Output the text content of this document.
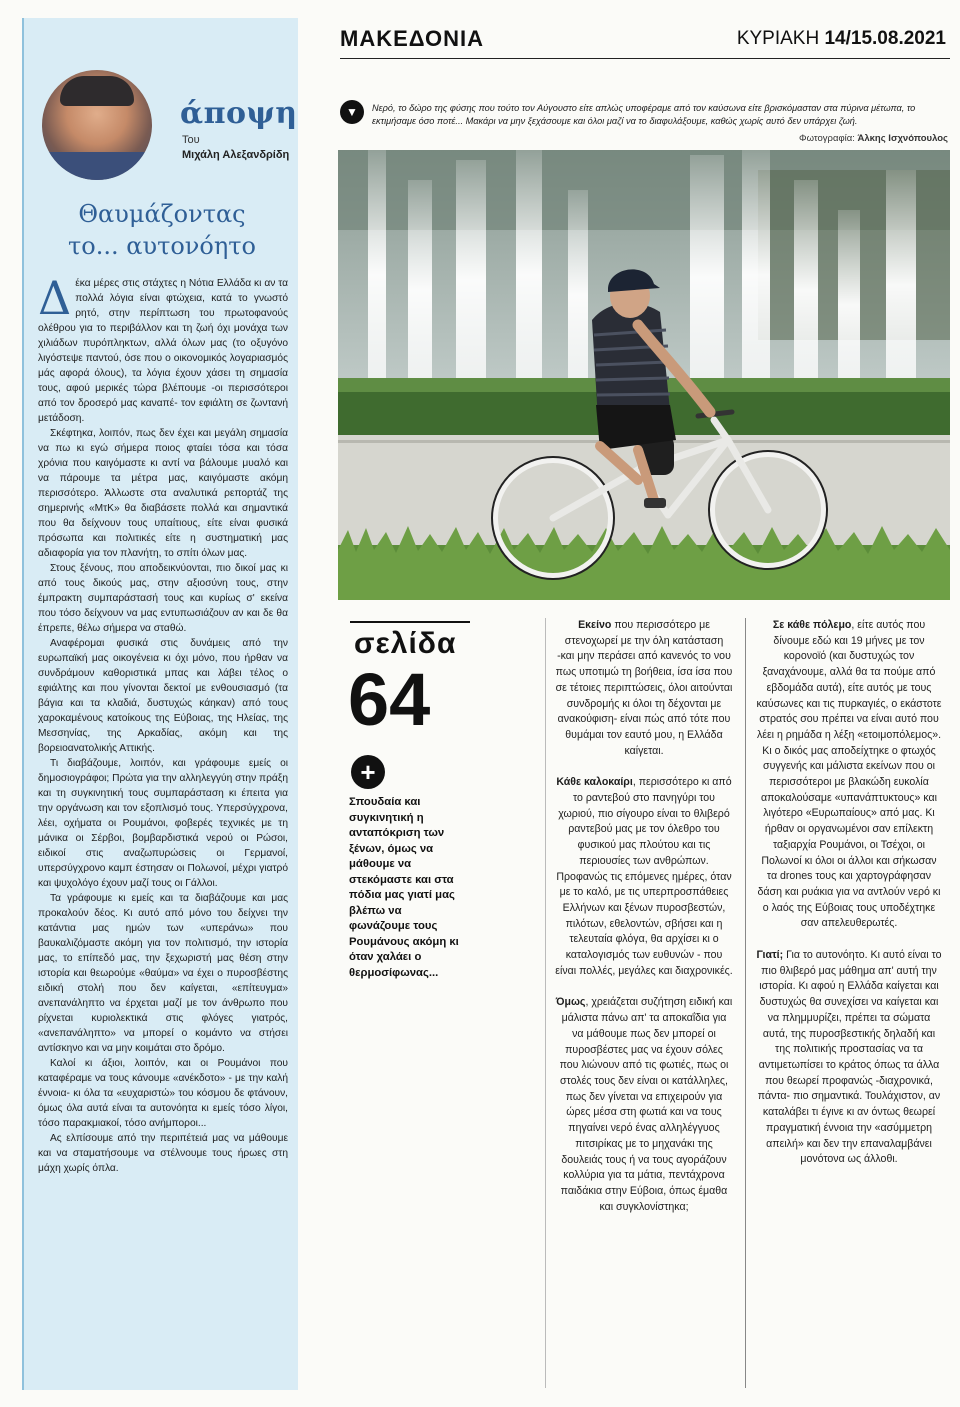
άποψη
Του
Μιχάλη Αλεξανδρίδη
Θαυμάζοντας
το... αυτονόητο

Δέκα μέρες στις στάχτες η Νότια Ελλάδα κι αν τα πολλά λόγια είναι φτώχεια, κατά το γνωστό ρητό, στην περίπτωση του πρωτοφανούς ολέθρου για το περιβάλλον και τη ζωή όχι μονάχα των χιλιάδων πυρόπληκτων, αλλά όλων μας (το οξυγόνο λιγόστεψε παντού, όσε που ο οικονομικός λογαριασμός μάς αφορά όλους), τα λόγια έχουν χάσει τη σημασία τους, αφού μερικές τώρα βλέπουμε -οι περισσότεροι από τον δροσερό μας καναπέ- τον εφιάλτη σε ζωντανή μετάδοση.

Σκέφτηκα, λοιπόν, πως δεν έχει και μεγάλη σημασία να πω κι εγώ σήμερα ποιος φταίει τόσα και τόσα χρόνια που καιγόμαστε κι αντί να βάλουμε μυαλό και να πάρουμε τα μέτρα μας, καιγόμαστε ακόμη περισσότερο. Άλλωστε στα αναλυτικά ρεπορτάζ της σημερινής «ΜτΚ» θα διαβάσετε πολλά και σημαντικά που θα δείχνουν τους υπαίτιους, είτε είναι φυσικά πρόσωπα και πολιτικές είτε η συστηματική μας αδιαφορία για τον πλανήτη, το σπίτι όλων μας.

Στους ξένους, που αποδεικνύονται, πιο δικοί μας κι από τους δικούς μας, στην αξιοσύνη τους, στην έμπρακτη συμπαράστασή τους και κυρίως σ' εκείνα που τόσο δείχνουν να μας εντυπωσιάζουν αν και δε θα έπρεπε, θέλω σήμερα να σταθώ.

Αναφέρομαι φυσικά στις δυνάμεις από την ευρωπαϊκή μας οικογένεια κι όχι μόνο, που ήρθαν να συνδράμουν καθοριστικά μπας και λάβει τέλος ο εφιάλτης και που γίνονται δεκτοί με ενθουσιασμό (τα βάγια και τα κλαδιά, δυστυχώς κάηκαν) από τους χαροκαμένους κατοίκους της Εύβοιας, της Ηλείας, της Μεσσηνίας, της Αρκαδίας, ακόμη και της βορειοανατολικής Αττικής.

Τι διαβάζουμε, λοιπόν, και γράφουμε εμείς οι δημοσιογράφοι; Πρώτα για την αλληλεγγύη στην πράξη και τη συγκινητική τους συμπαράσταση κι έπειτα για την οργάνωση και τον εξοπλισμό τους. Υπερσύγχρονα, λέει, οχήματα οι Ρουμάνοι, φοβερές τεχνικές με τη μάνικα οι Σέρβοι, βομβαρδιστικά νερού οι Ρώσοι, ειδικοί στις αναζωπυρώσεις οι Γερμανοί, υπερσύγχρονο καμπ έστησαν οι Πολωνοί, μέχρι γιατρό και ψυχολόγο έχουν μαζί τους οι Γάλλοι.

Τα γράφουμε κι εμείς και τα διαβάζουμε και μας προκαλούν δέος. Κι αυτό από μόνο του δείχνει την κατάντια μας ημών των «υπεράνω» που βαυκαλιζόμαστε ακόμη για τον πολιτισμό, την ιστορία μας, το επίπεδό μας, την ξεχωριστή μας θέση στην ιστορία και θεωρούμε «θαύμα» να έχει ο πυροσβέστης ειδική στολή που δεν καίγεται, «επίτευγμα» ανεπανάληπτο να έρχεται μαζί με τον άνθρωπο που ρίχνεται κυριολεκτικά στις φλόγες γιατρός, «ανεπανάληπτο» να μπορεί ο κομάντο να στήσει αντίσκηνο και να μην κοιμάται στο δρόμο.

Καλοί κι άξιοι, λοιπόν, και οι Ρουμάνοι που καταφέραμε να τους κάνουμε «ανέκδοτο» - με την καλή έννοια- κι όλα τα «ευχαριστώ» του κόσμου δε φτάνουν, όμως όλα αυτά είναι τα αυτονόητα κι εμείς τόσο λίγοι, τόσο παρακμιακοί, τόσο ανήμποροι...

Ας ελπίσουμε από την περιπέτειά μας να μάθουμε και να σταματήσουμε να στέλνουμε τους ήρωες στη μάχη χωρίς όπλα.

ΜΑΚΕΔΟΝΙΑ	ΚΥΡΙΑΚΗ 14/15.08.2021
▼	Νερό, το δώρο της φύσης που τούτο τον Αύγουστο είτε απλώς υποφέραμε από τον καύσωνα είτε βρισκόμασταν στα πύρινα μέτωπα, το εκτιμήσαμε όσο ποτέ... Μακάρι να μην ξεχάσουμε και όλοι μαζί να το διαφυλάξουμε, καθώς χωρίς αυτό δεν υπάρχει ζωή.
Φωτογραφία: Άλκης Ισχνόπουλος
σελίδα
64
+
Σπουδαία και συγκινητική η ανταπόκριση των ξένων, όμως να μάθουμε να στεκόμαστε και στα πόδια μας γιατί μας βλέπω να φωνάζουμε τους Ρουμάνους ακόμη κι όταν χαλάει ο θερμοσίφωνας...

Εκείνο που περισσότερο με στενοχωρεί με την όλη κατάσταση -και μην περάσει από κανενός το νου πως υποτιμώ τη βοήθεια, ίσα ίσα που σε τέτοιες περιπτώσεις, όλοι αιτούνται συνδρομής κι όλοι τη δέχονται με ανακούφιση- είναι πώς από τότε που θυμάμαι τον εαυτό μου, η Ελλάδα καίγεται.

Κάθε καλοκαίρι, περισσότερο κι από το ραντεβού στο πανηγύρι του χωριού, πιο σίγουρο είναι το θλιβερό ραντεβού μας με τον όλεθρο του φυσικού μας πλούτου και τις περιουσίες των ανθρώπων. Προφανώς τις επόμενες ημέρες, όταν με το καλό, με τις υπερπροσπάθειες Ελλήνων και ξένων πυροσβεστών, πιλότων, εθελοντών, σβήσει και η τελευταία φλόγα, θα αρχίσει κι ο καταλογισμός των ευθυνών - που είναι πολλές, μεγάλες και διαχρονικές.

Όμως, χρειάζεται συζήτηση ειδική και μάλιστα πάνω απ' τα αποκαΐδια για να μάθουμε πως δεν μπορεί οι πυροσβέστες μας να έχουν σόλες που λιώνουν από τις φωτιές, πως οι στολές τους δεν είναι οι κατάλληλες, πως δεν γίνεται να επιχειρούν για ώρες μέσα στη φωτιά και να τους πηγαίνει νερό ένας αλληλέγγυος πιτσιρίκας με το μηχανάκι της δουλειάς τους ή να τους αγοράζουν κολλύρια για τα μάτια, πεντάχρονα παιδάκια στην Εύβοια, όπως έμαθα και συγκλονίστηκα;

Σε κάθε πόλεμο, είτε αυτός που δίνουμε εδώ και 19 μήνες με τον κορονοϊό (και δυστυχώς τον ξαναχάνουμε, αλλά θα τα πούμε από εβδομάδα αυτά), είτε αυτός με τους καύσωνες και τις πυρκαγιές, ο εκάστοτε στρατός σου πρέπει να είναι αυτό που λέει η ρημάδα η λέξη «ετοιμοπόλεμος». Κι ο δικός μας αποδείχτηκε ο φτωχός συγγενής και μάλιστα εκείνων που οι περισσότεροι με βλακώδη ευκολία αποκαλούσαμε «υπανάπτυκτους» και λιγότερο «Ευρωπαίους» από μας. Κι ήρθαν οι οργανωμένοι σαν επίλεκτη ταξιαρχία Ρουμάνοι, οι Τσέχοι, οι Πολωνοί κι όλοι οι άλλοι και σήκωσαν τα drones τους και χαρτογράφησαν δάση και ρυάκια για να αντλούν νερό κι ο λαός της Εύβοιας τους υποδέχτηκε σαν απελευθερωτές.

Γιατί; Για το αυτονόητο. Κι αυτό είναι το πιο θλιβερό μας μάθημα απ' αυτή την ιστορία. Κι αφού η Ελλάδα καίγεται και δυστυχώς θα συνεχίσει να καίγεται και να πλημμυρίζει, πρέπει τα σώματα αυτά, της πυροσβεστικής δηλαδή και της πολιτικής προστασίας να τα αντιμετωπίσει το κράτος όπως τα άλλα που θεωρεί προφανώς -διαχρονικά, πάντα- πιο σημαντικά. Τουλάχιστον, αν καταλάβει τι έγινε κι αν όντως θεωρεί πραγματική έννοια την «ασύμμετρη απειλή» και δεν την επαναλαμβάνει μονότονα ως άλλοθι.
